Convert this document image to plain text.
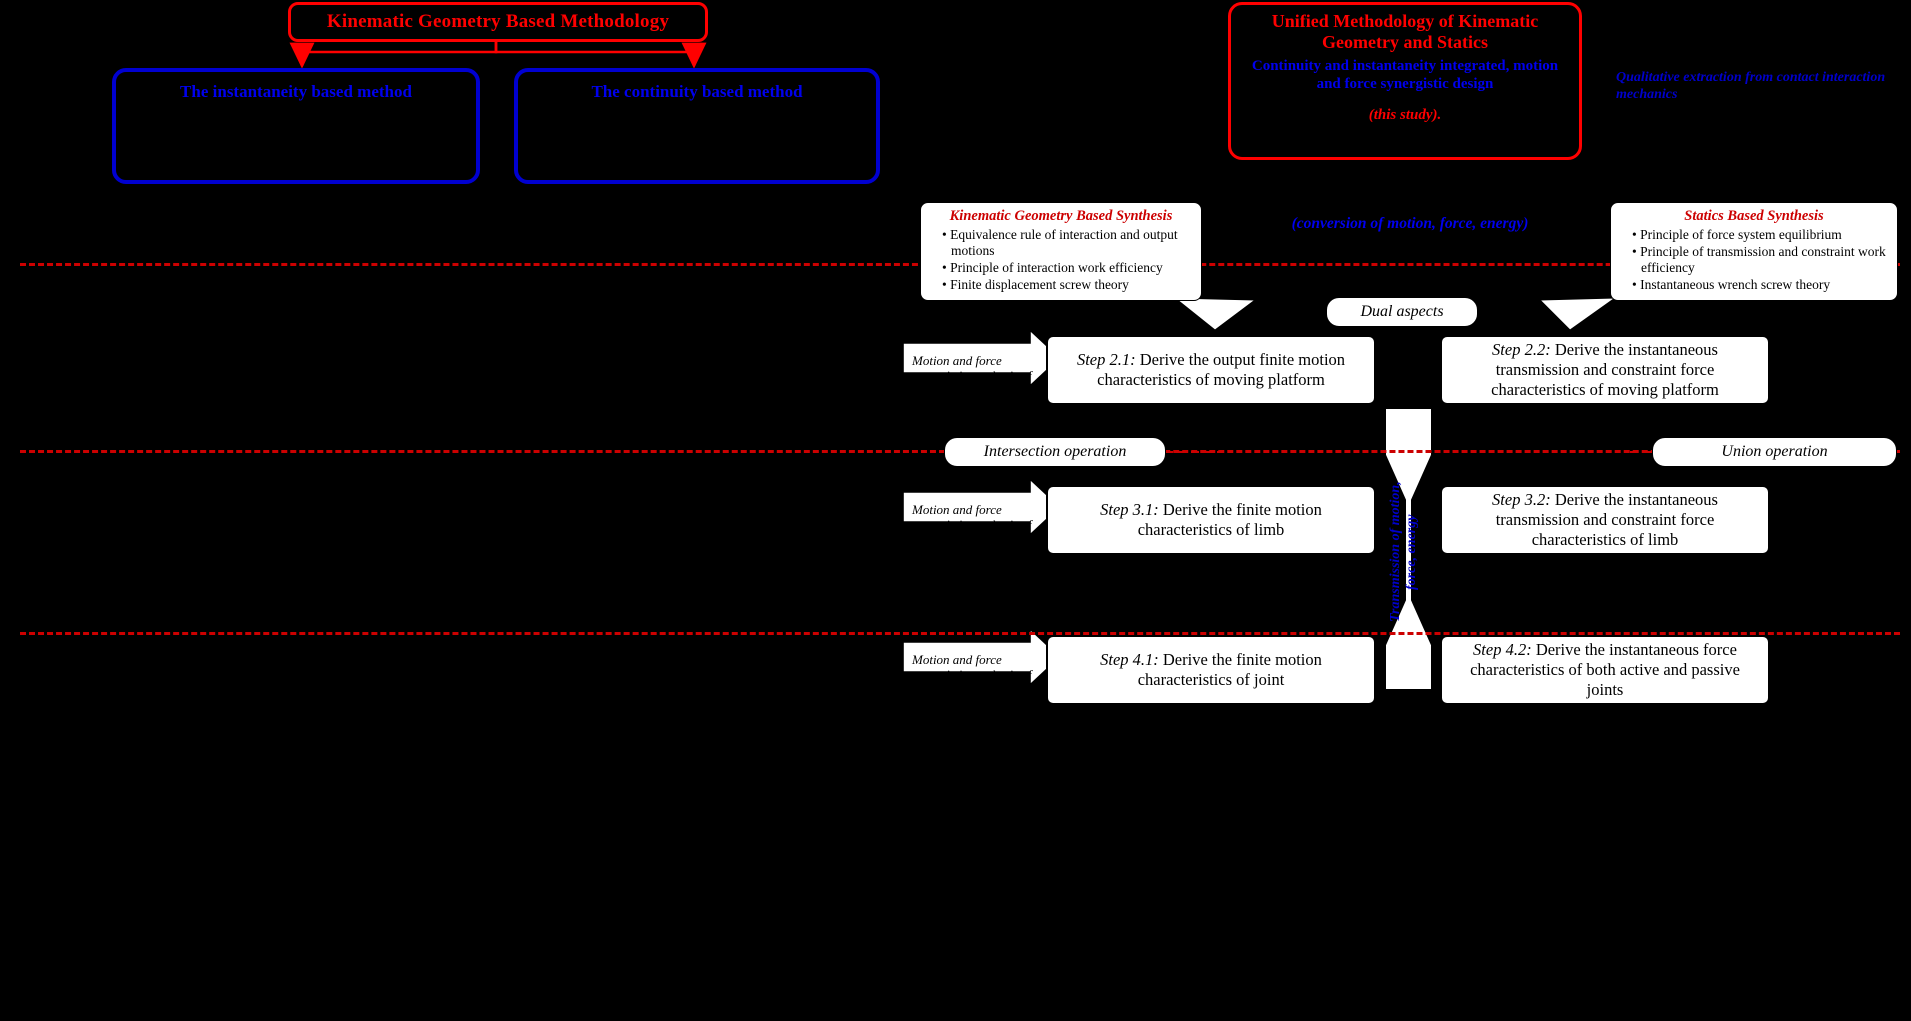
Kinematic Geometry Based Methodology
The instantaneity based method	The continuity based method
Unified Methodology of Kinematic Geometry and Statics
Continuity and instantaneity integrated, motion and force synergistic design
(this study).
Qualitative extraction from contact interaction mechanics
Kinematic Geometry Based Synthesis
• Equivalence rule of interaction and output motions
• Principle of interaction work efficiency
• Finite displacement screw theory
Statics Based Synthesis
• Principle of force system equilibrium
• Principle of transmission and constraint work efficiency
• Instantaneous wrench screw theory
(conversion of motion, force, energy)
Dual aspects
Transmission of motion, force, energy
Intersection operation	Union operation
Motion and force synergistic synthesis of platform
Motion and force synergistic synthesis of limb
Motion and force synergistic synthesis of joint
Step 2.1: Derive the output finite motion characteristics of moving platform
Step 2.2: Derive the instantaneous transmission and constraint force characteristics of moving platform
Step 3.1: Derive the finite motion characteristics of limb
Step 3.2: Derive the instantaneous transmission and constraint force characteristics of limb
Step 4.1: Derive the finite motion characteristics of joint
Step 4.2: Derive the instantaneous force characteristics of both active and passive joints
